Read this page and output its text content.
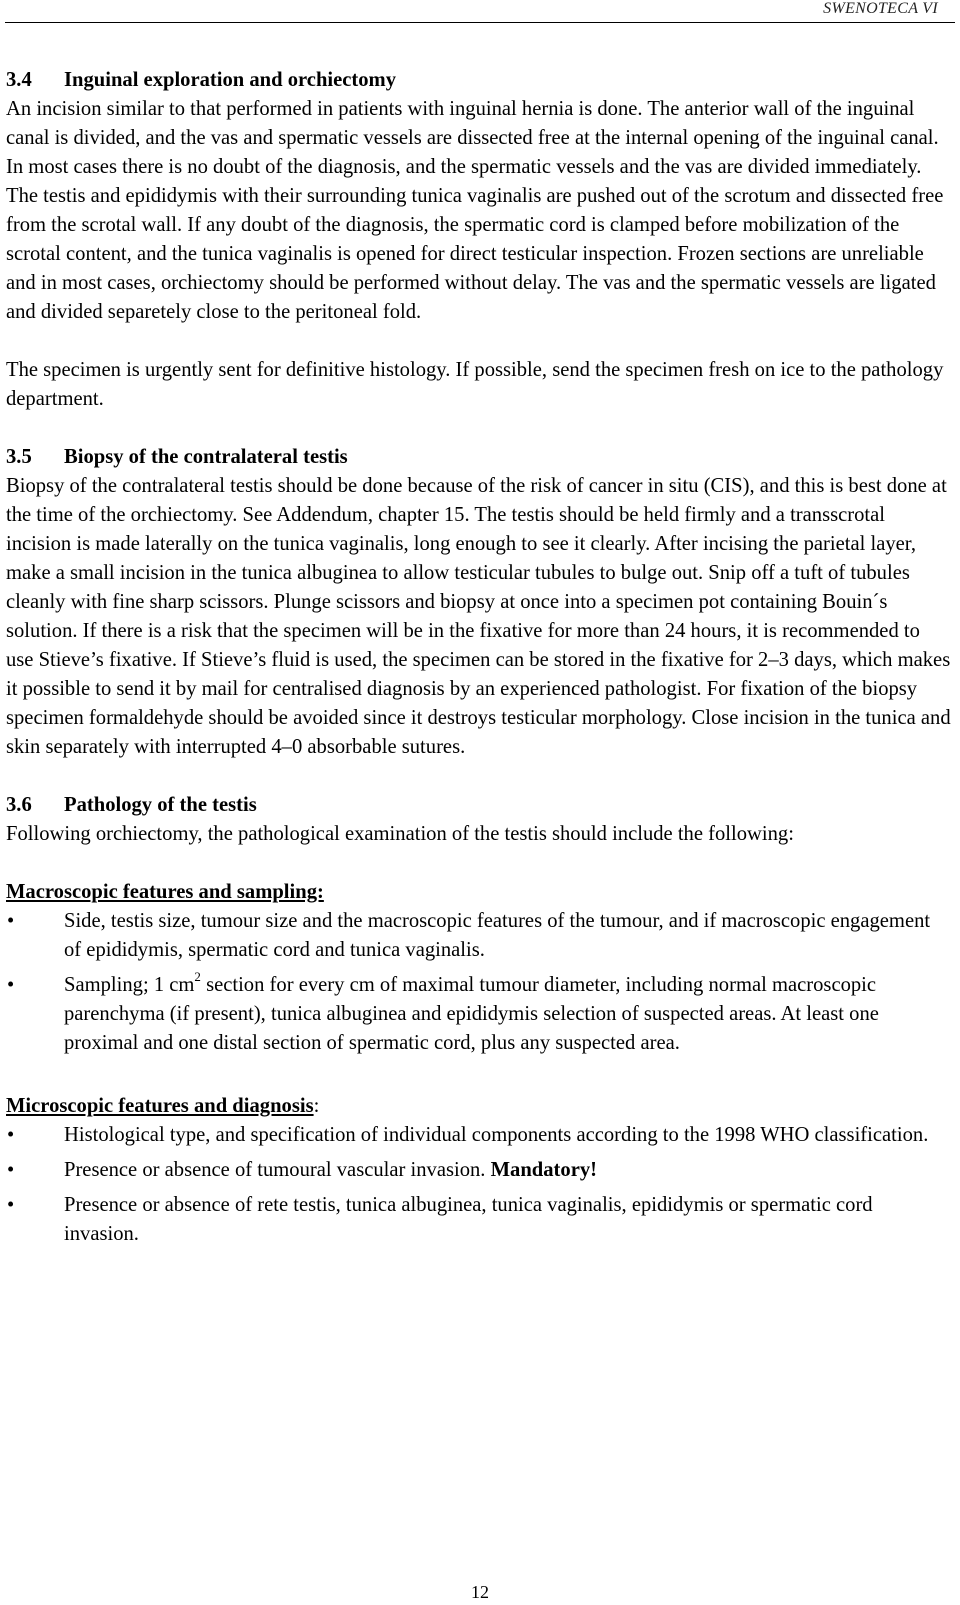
SWENOTECA VI

3.4 Inguinal exploration and orchiectomy

An incision similar to that performed in patients with inguinal hernia is done. The anterior wall of the inguinal canal is divided, and the vas and spermatic vessels are dissected free at the internal opening of the inguinal canal. In most cases there is no doubt of the diagnosis, and the spermatic vessels and the vas are divided immediately. The testis and epididymis with their surrounding tunica vaginalis are pushed out of the scrotum and dissected free from the scrotal wall. If any doubt of the diagnosis, the spermatic cord is clamped before mobilization of the scrotal content, and the tunica vaginalis is opened for direct testicular inspection. Frozen sections are unreliable and in most cases, orchiectomy should be performed without delay. The vas and the spermatic vessels are ligated and divided separetely close to the peritoneal fold.

The specimen is urgently sent for definitive histology. If possible, send the specimen fresh on ice to the pathology department.

3.5 Biopsy of the contralateral testis

Biopsy of the contralateral testis should be done because of the risk of cancer in situ (CIS), and this is best done at the time of the orchiectomy. See Addendum, chapter 15. The testis should be held firmly and a transscrotal incision is made laterally on the tunica vaginalis, long enough to see it clearly. After incising the parietal layer, make a small incision in the tunica albuginea to allow testicular tubules to bulge out. Snip off a tuft of tubules cleanly with fine sharp scissors. Plunge scissors and biopsy at once into a specimen pot containing Bouin´s solution. If there is a risk that the specimen will be in the fixative for more than 24 hours, it is recommended to use Stieve’s fixative. If Stieve’s fluid is used, the specimen can be stored in the fixative for 2–3 days, which makes it possible to send it by mail for centralised diagnosis by an experienced pathologist. For fixation of the biopsy specimen formaldehyde should be avoided since it destroys testicular morphology. Close incision in the tunica and skin separately with interrupted 4–0 absorbable sutures.

3.6 Pathology of the testis

Following orchiectomy, the pathological examination of the testis should include the following:

Macroscopic features and sampling:

• Side, testis size, tumour size and the macroscopic features of the tumour, and if macroscopic engagement of epididymis, spermatic cord and tunica vaginalis.
• Sampling; 1 $cm^2$ section for every cm of maximal tumour diameter, including normal macroscopic parenchyma (if present), tunica albuginea and epididymis selection of suspected areas. At least one proximal and one distal section of spermatic cord, plus any suspected area.

Microscopic features and diagnosis:

• Histological type, and specification of individual components according to the 1998 WHO classification.
• Presence or absence of tumoural vascular invasion. Mandatory!
• Presence or absence of rete testis, tunica albuginea, tunica vaginalis, epididymis or spermatic cord invasion.
12
